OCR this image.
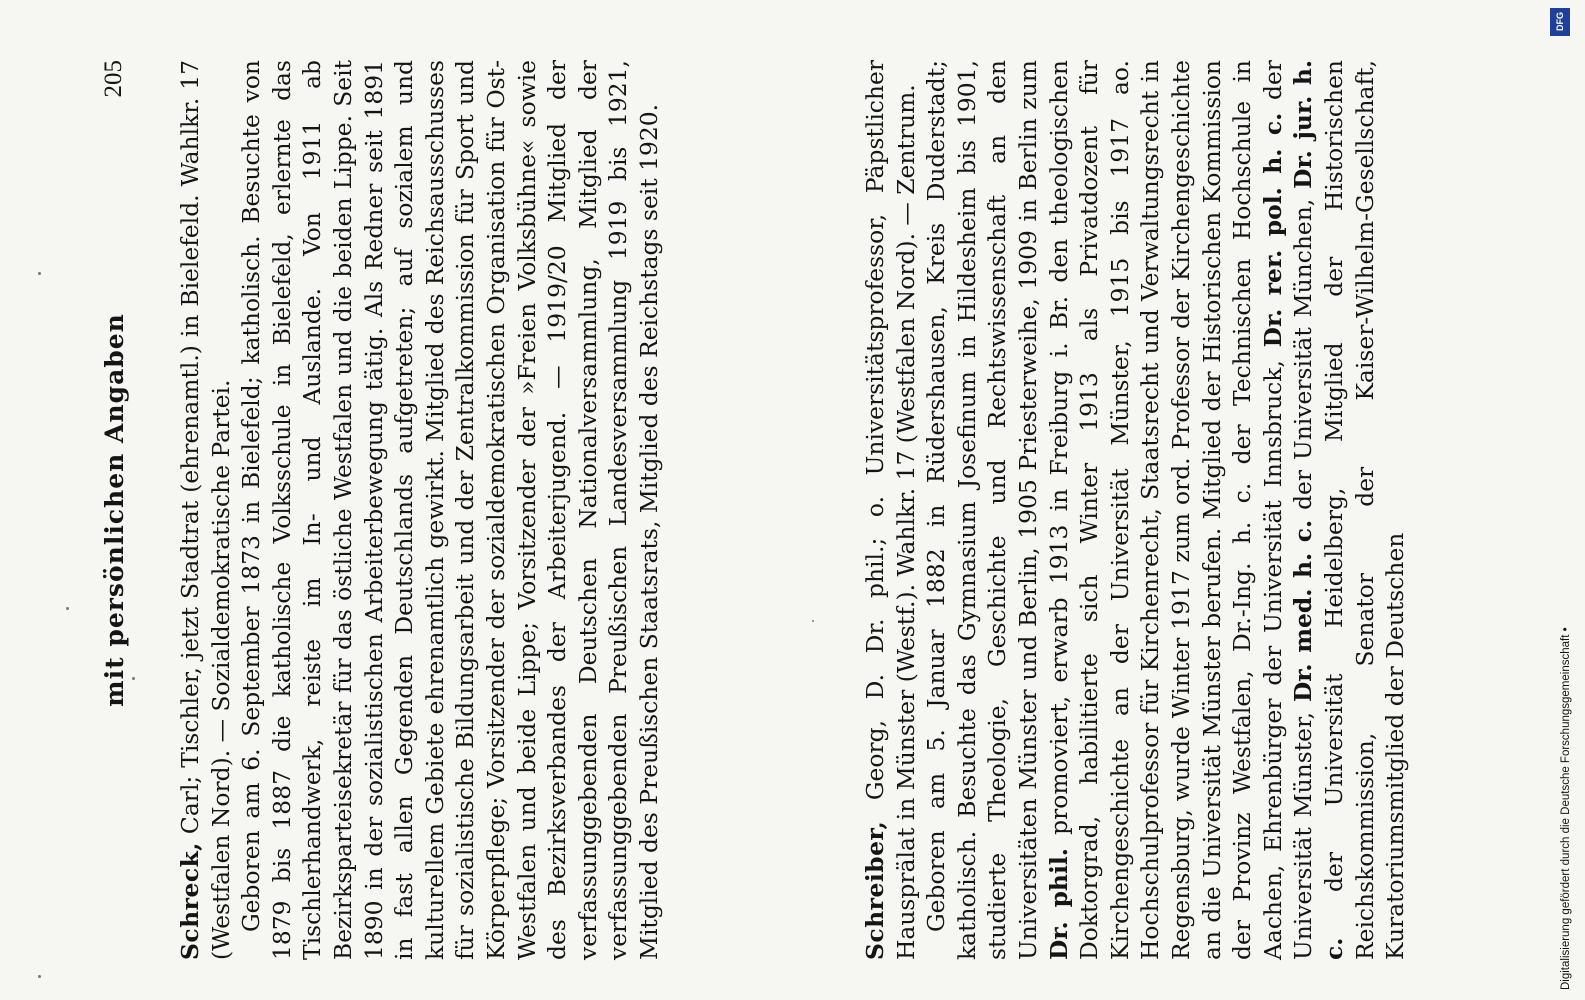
mit persönlichen Angaben
205

Schreck, Carl; Tischler, jetzt Stadtrat (ehrenamtl.) in Bielefeld. Wahlkr. 17 (Westfalen Nord). — Sozialdemokratische Partei. Geboren am 6. September 1873 in Bielefeld; katholisch. Besuchte von 1879 bis 1887 die katholische Volksschule in Bielefeld, erlernte das Tischlerhandwerk, reiste im In- und Auslande. Von 1911 ab Bezirksparteisekretär für das östliche Westfalen und die beiden Lippe. Seit 1890 in der sozialistischen Arbeiterbewegung tätig. Als Redner seit 1891 in fast allen Gegenden Deutschlands aufgetreten; auf sozialem und kulturellem Gebiete ehrenamtlich gewirkt. Mitglied des Reichsausschusses für sozialistische Bildungsarbeit und der Zentralkommission für Sport und Körperpflege; Vorsitzender der sozialdemokratischen Organisation für Ost-Westfalen und beide Lippe; Vorsitzender der »Freien Volksbühne« sowie des Bezirksverbandes der Arbeiterjugend. — 1919/20 Mitglied der verfassunggebenden Deutschen Nationalversammlung, Mitglied der verfassunggebenden Preußischen Landesversammlung 1919 bis 1921, Mitglied des Preußischen Staatsrats, Mitglied des Reichstags seit 1920.	Schreiber, Georg, D. Dr. phil.; o. Universitätsprofessor, Päpstlicher Hausprälat in Münster (Westf.). Wahlkr. 17 (Westfalen Nord). — Zentrum. Geboren am 5. Januar 1882 in Rüdershausen, Kreis Duderstadt; katholisch. Besuchte das Gymnasium Josefinum in Hildesheim bis 1901, studierte Theologie, Geschichte und Rechtswissenschaft an den Universitäten Münster und Berlin, 1905 Priesterweihe, 1909 in Berlin zum Dr. phil. promoviert, erwarb 1913 in Freiburg i. Br. den theologischen Doktorgrad, habilitierte sich Winter 1913 als Privatdozent für Kirchengeschichte an der Universität Münster, 1915 bis 1917 ao. Hochschulprofessor für Kirchenrecht, Staatsrecht und Verwaltungsrecht in Regensburg, wurde Winter 1917 zum ord. Professor der Kirchengeschichte an die Universität Münster berufen. Mitglied der Historischen Kommission der Provinz Westfalen, Dr.-Ing. h. c. der Technischen Hochschule in Aachen, Ehrenbürger der Universität Innsbruck, Dr. rer. pol. h. c. der Universität Münster, Dr. med. h. c. der Universität München, Dr. jur. h. c. der Universität Heidelberg, Mitglied der Historischen Reichskommission, Senator der Kaiser-Wilhelm-Gesellschaft, Kuratoriumsmitglied der Deutschen	Digitalisierung gefördert durch die Deutsche Forschungsgemeinschaft •
DFG
